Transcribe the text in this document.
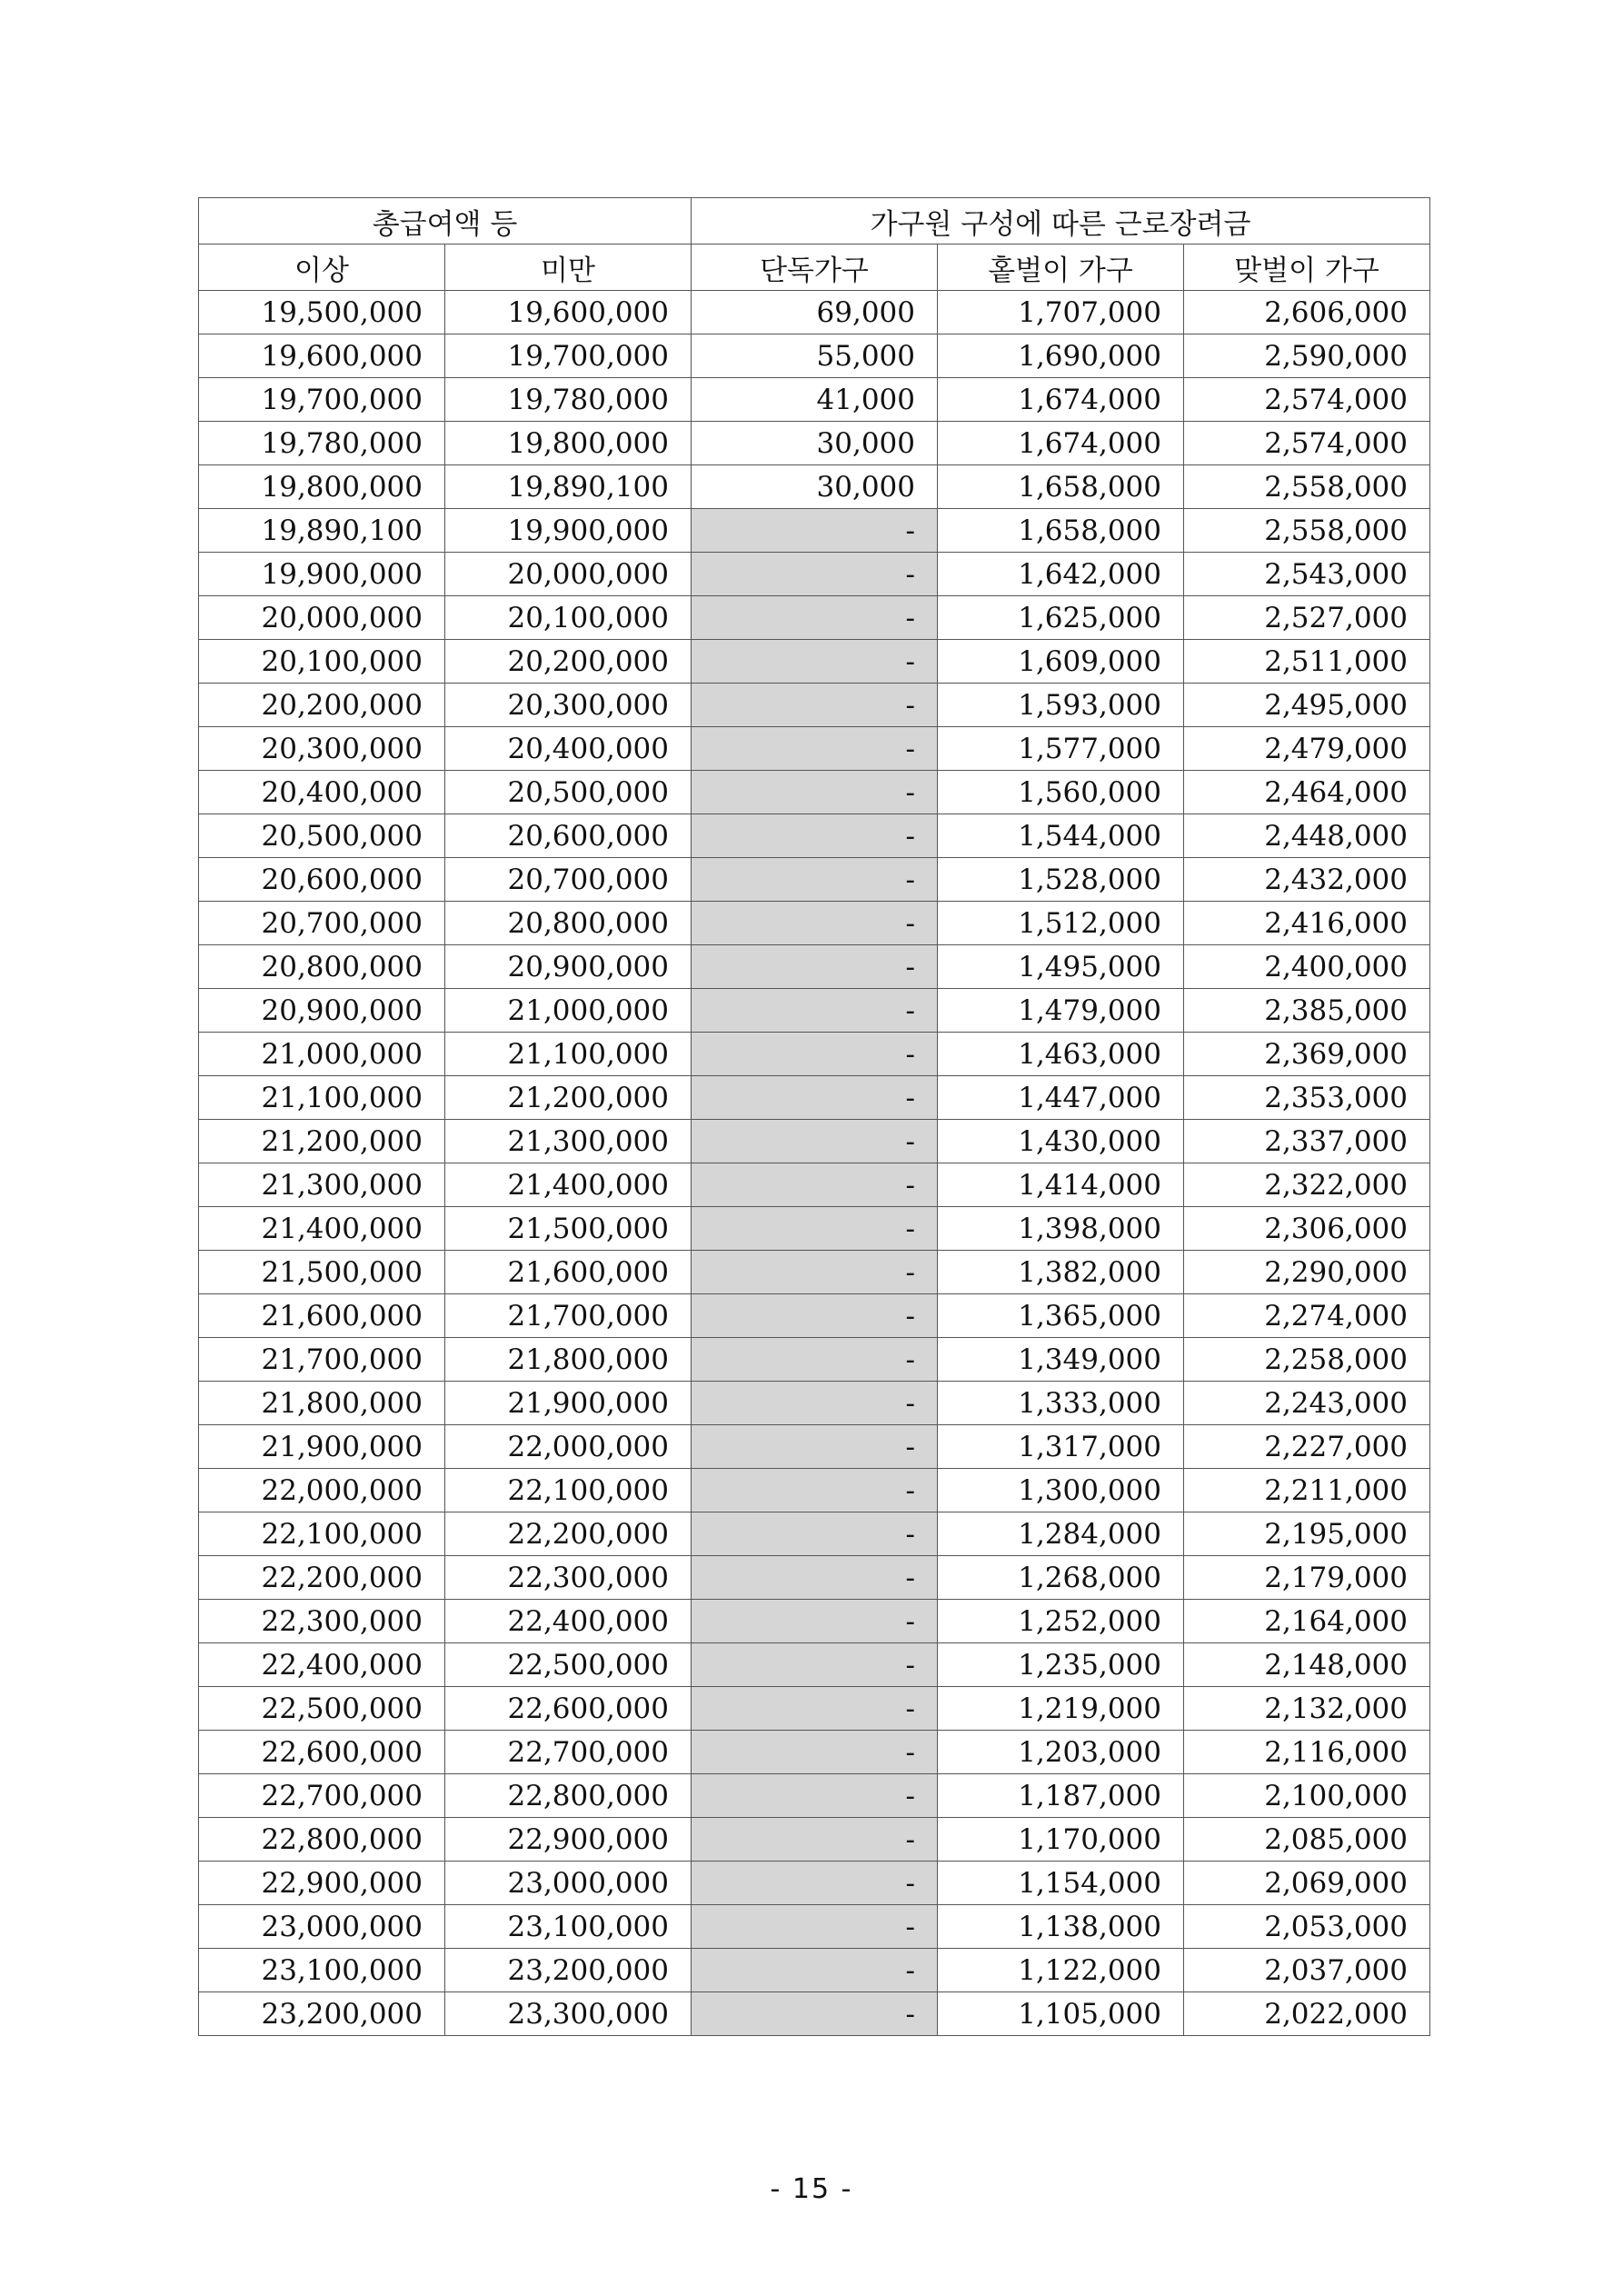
총급여액 등		가구원 구성에 따른 근로장려금		
이상	미만	단독가구	홑벌이 가구	맞벌이 가구
19,500,000	19,600,000	69,000	1,707,000	2,606,000
19,600,000	19,700,000	55,000	1,690,000	2,590,000
19,700,000	19,780,000	41,000	1,674,000	2,574,000
19,780,000	19,800,000	30,000	1,674,000	2,574,000
19,800,000	19,890,100	30,000	1,658,000	2,558,000
19,890,100	19,900,000	-	1,658,000	2,558,000
19,900,000	20,000,000	-	1,642,000	2,543,000
20,000,000	20,100,000	-	1,625,000	2,527,000
20,100,000	20,200,000	-	1,609,000	2,511,000
20,200,000	20,300,000	-	1,593,000	2,495,000
20,300,000	20,400,000	-	1,577,000	2,479,000
20,400,000	20,500,000	-	1,560,000	2,464,000
20,500,000	20,600,000	-	1,544,000	2,448,000
20,600,000	20,700,000	-	1,528,000	2,432,000
20,700,000	20,800,000	-	1,512,000	2,416,000
20,800,000	20,900,000	-	1,495,000	2,400,000
20,900,000	21,000,000	-	1,479,000	2,385,000
21,000,000	21,100,000	-	1,463,000	2,369,000
21,100,000	21,200,000	-	1,447,000	2,353,000
21,200,000	21,300,000	-	1,430,000	2,337,000
21,300,000	21,400,000	-	1,414,000	2,322,000
21,400,000	21,500,000	-	1,398,000	2,306,000
21,500,000	21,600,000	-	1,382,000	2,290,000
21,600,000	21,700,000	-	1,365,000	2,274,000
21,700,000	21,800,000	-	1,349,000	2,258,000
21,800,000	21,900,000	-	1,333,000	2,243,000
21,900,000	22,000,000	-	1,317,000	2,227,000
22,000,000	22,100,000	-	1,300,000	2,211,000
22,100,000	22,200,000	-	1,284,000	2,195,000
22,200,000	22,300,000	-	1,268,000	2,179,000
22,300,000	22,400,000	-	1,252,000	2,164,000
22,400,000	22,500,000	-	1,235,000	2,148,000
22,500,000	22,600,000	-	1,219,000	2,132,000
22,600,000	22,700,000	-	1,203,000	2,116,000
22,700,000	22,800,000	-	1,187,000	2,100,000
22,800,000	22,900,000	-	1,170,000	2,085,000
22,900,000	23,000,000	-	1,154,000	2,069,000
23,000,000	23,100,000	-	1,138,000	2,053,000
23,100,000	23,200,000	-	1,122,000	2,037,000
23,200,000	23,300,000	-	1,105,000	2,022,000
- 15 -
